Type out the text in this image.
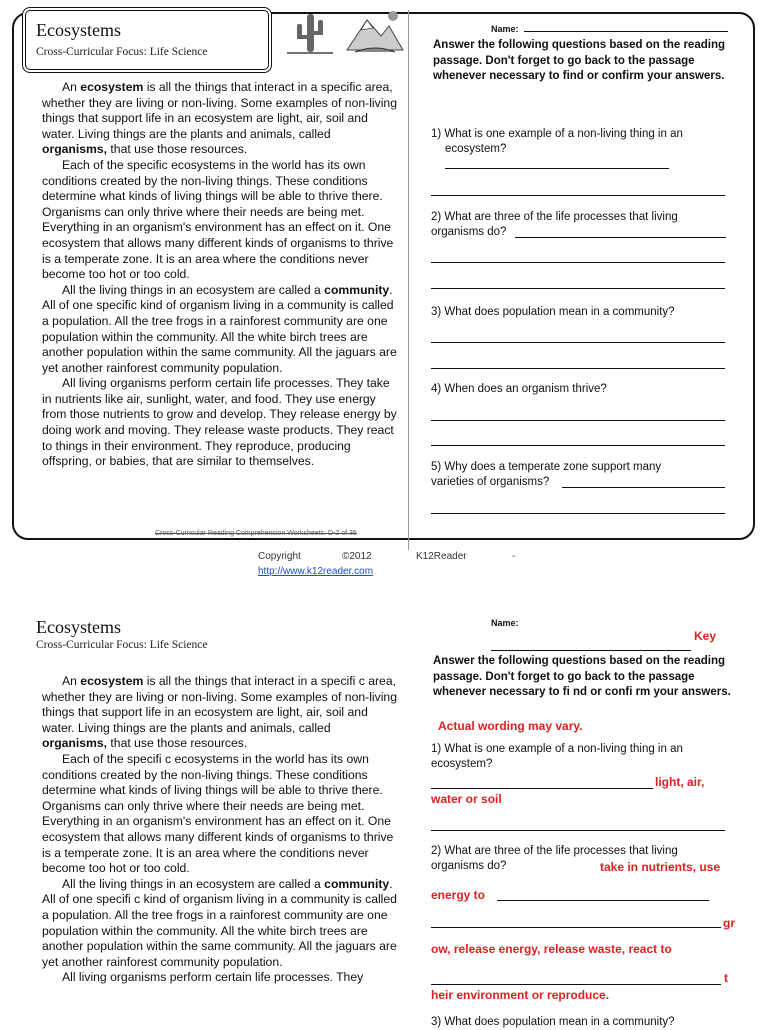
Ecosystems
Cross-Curricular Focus: Life Science

An ecosystem is all the things that interact in a specific area, whether they are living or non-living. Some examples of non-living things that support life in an ecosystem are light, air, soil and water. Living things are the plants and animals, called organisms, that use those resources.

Each of the specific ecosystems in the world has its own conditions created by the non-living things. These conditions determine what kinds of living things will be able to thrive there. Organisms can only thrive where their needs are being met. Everything in an organism's environment has an effect on it. One ecosystem that allows many different kinds of organisms to thrive is a temperate zone. It is an area where the conditions never become too hot or too cold.

All the living things in an ecosystem are called a community. All of one specific kind of organism living in a community is called a population. All the tree frogs in a rainforest community are one population within the community. All the white birch trees are another population within the same community. All the jaguars are yet another rainforest community population.

All living organisms perform certain life processes. They take in nutrients like air, sunlight, water, and food. They use energy from those nutrients to grow and develop. They release energy by doing work and moving. They release waste products. They react to things in their environment. They reproduce, producing offspring, or babies, that are similar to themselves.

Name:
Answer the following questions based on the reading passage. Don't forget to go back to the passage whenever necessary to find or confirm your answers.
1) What is one example of a non-living thing in an
ecosystem?
2) What are three of the life processes that living
organisms do?
3) What does population mean in a community?
4) When does an organism thrive?
5) Why does a temperate zone support many
varieties of organisms?
Cross-Curricular Reading Comprehension Worksheets: D-2 of 36
Copyright	©2012	K12Reader	-
http://www.k12reader.com
Ecosystems
Cross-Curricular Focus: Life Science

An ecosystem is all the things that interact in a specifi c area, whether they are living or non-living. Some examples of non-living things that support life in an ecosystem are light, air, soil and water. Living things are the plants and animals, called organisms, that use those resources.

Each of the specifi c ecosystems in the world has its own conditions created by the non-living things. These conditions determine what kinds of living things will be able to thrive there. Organisms can only thrive where their needs are being met. Everything in an organism's environment has an effect on it. One ecosystem that allows many different kinds of organisms to thrive is a temperate zone. It is an area where the conditions never become too hot or too cold.

All the living things in an ecosystem are called a community. All of one specifi c kind of organism living in a community is called a population. All the tree frogs in a rainforest community are one population within the community. All the white birch trees are another population within the same community. All the jaguars are yet another rainforest community population.

All living organisms perform certain life processes. They

Name:
Key
Answer the following questions based on the reading passage. Don't forget to go back to the passage whenever necessary to fi nd or confi rm your answers.
Actual wording may vary.
1) What is one example of a non-living thing in an
ecosystem?
light, air,
water or soil
2) What are three of the life processes that living
organisms do?	take in nutrients, use
energy to
gr
ow, release energy, release waste, react to
t
heir environment or reproduce.
3) What does population mean in a community?
